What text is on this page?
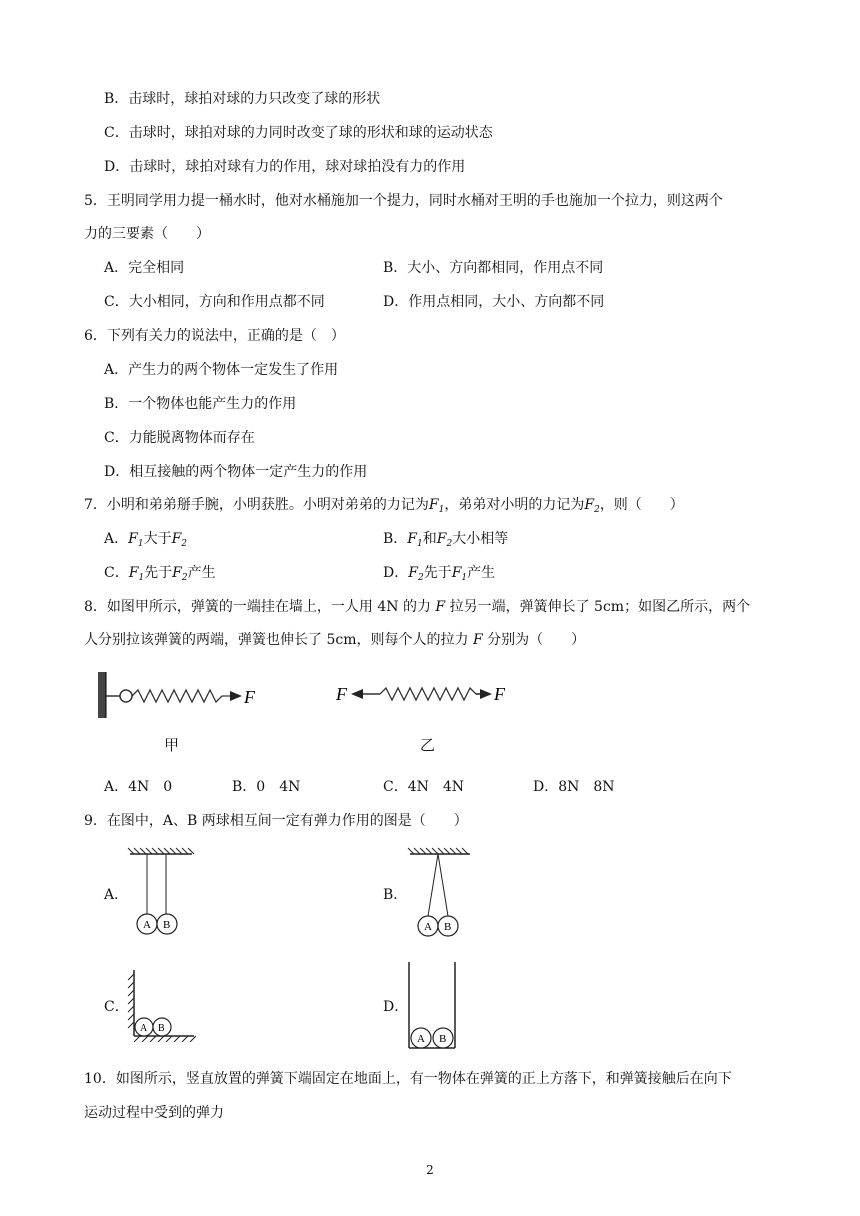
B．击球时，球拍对球的力只改变了球的形状
C．击球时，球拍对球的力同时改变了球的形状和球的运动状态
D．击球时，球拍对球有力的作用，球对球拍没有力的作用
5．王明同学用力提一桶水时，他对水桶施加一个提力，同时水桶对王明的手也施加一个拉力，则这两个
力的三要素（　　）
A．完全相同	B．大小、方向都相同，作用点不同
C．大小相同，方向和作用点都不同	D．作用点相同，大小、方向都不同
6．下列有关力的说法中，正确的是（　）
A．产生力的两个物体一定发生了作用
B．一个物体也能产生力的作用
C．力能脱离物体而存在
D．相互接触的两个物体一定产生力的作用
7．小明和弟弟掰手腕，小明获胜。小明对弟弟的力记为$F_1$，弟弟对小明的力记为$F_2$，则（　　）
A．$F_1$大于$F_2$	B．$F_1$和$F_2$大小相等
C．$F_1$先于$F_2$产生	D．$F_2$先于$F_1$产生
8．如图甲所示，弹簧的一端挂在墙上，一人用 4N 的力 F 拉另一端，弹簧伸长了 5cm；如图乙所示，两个
人分别拉该弹簧的两端，弹簧也伸长了 5cm，则每个人的拉力 F 分别为（　　）
F
甲
F	F
乙
A．4N　0	B．0　4N	C．4N　4N	D．8N　8N
9．在图中，A、B 两球相互间一定有弹力作用的图是（　　）
A．
A B
B．
A B
C．
A B
D．
A B
10．如图所示，竖直放置的弹簧下端固定在地面上，有一物体在弹簧的正上方落下，和弹簧接触后在向下
运动过程中受到的弹力
2
